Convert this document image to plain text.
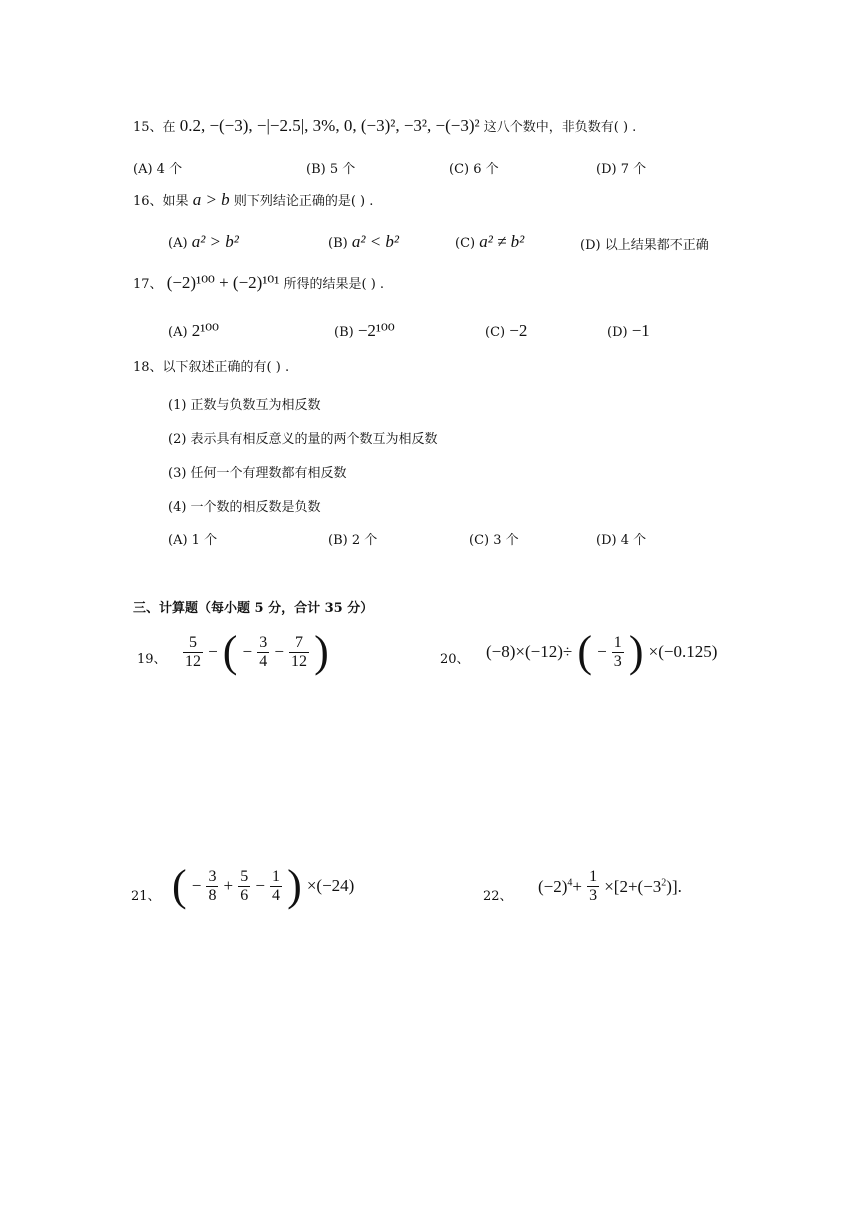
15、在 0.2, −(−3), −|−2.5|, 3%, 0, (−3)², −3², −(−3)² 这八个数中，非负数有( ) .
(A) 4 个	(B) 5 个	(C) 6 个	(D) 7 个
16、如果 a > b 则下列结论正确的是( ) .
(A) a² > b²	(B) a² < b²	(C) a² ≠ b²	(D) 以上结果都不正确
17、 (−2)¹⁰⁰ + (−2)¹⁰¹ 所得的结果是( ) .
(A) 2¹⁰⁰	(B) −2¹⁰⁰	(C) −2	(D) −1
18、以下叙述正确的有( ) .
(1) 正数与负数互为相反数
(2) 表示具有相反意义的量的两个数互为相反数
(3) 任何一个有理数都有相反数
(4) 一个数的相反数是负数
(A) 1 个	(B) 2 个	(C) 3 个	(D) 4 个
三、计算题（每小题 5 分，合计 35 分）
19、 $\frac{5}{12}$ − ( − $\frac{3}{4} - \frac{7}{12}$ )	20、 (−8)×(−12)÷ ( − $\frac{1}{3}$ ) ×(−0.125)
21、 ( − $\frac{3}{8} + \frac{5}{6} - \frac{1}{4}$ ) ×(−24)
22、
$(-2)^4+ \frac{1}{3} \times[2+(-3^2)]$.
